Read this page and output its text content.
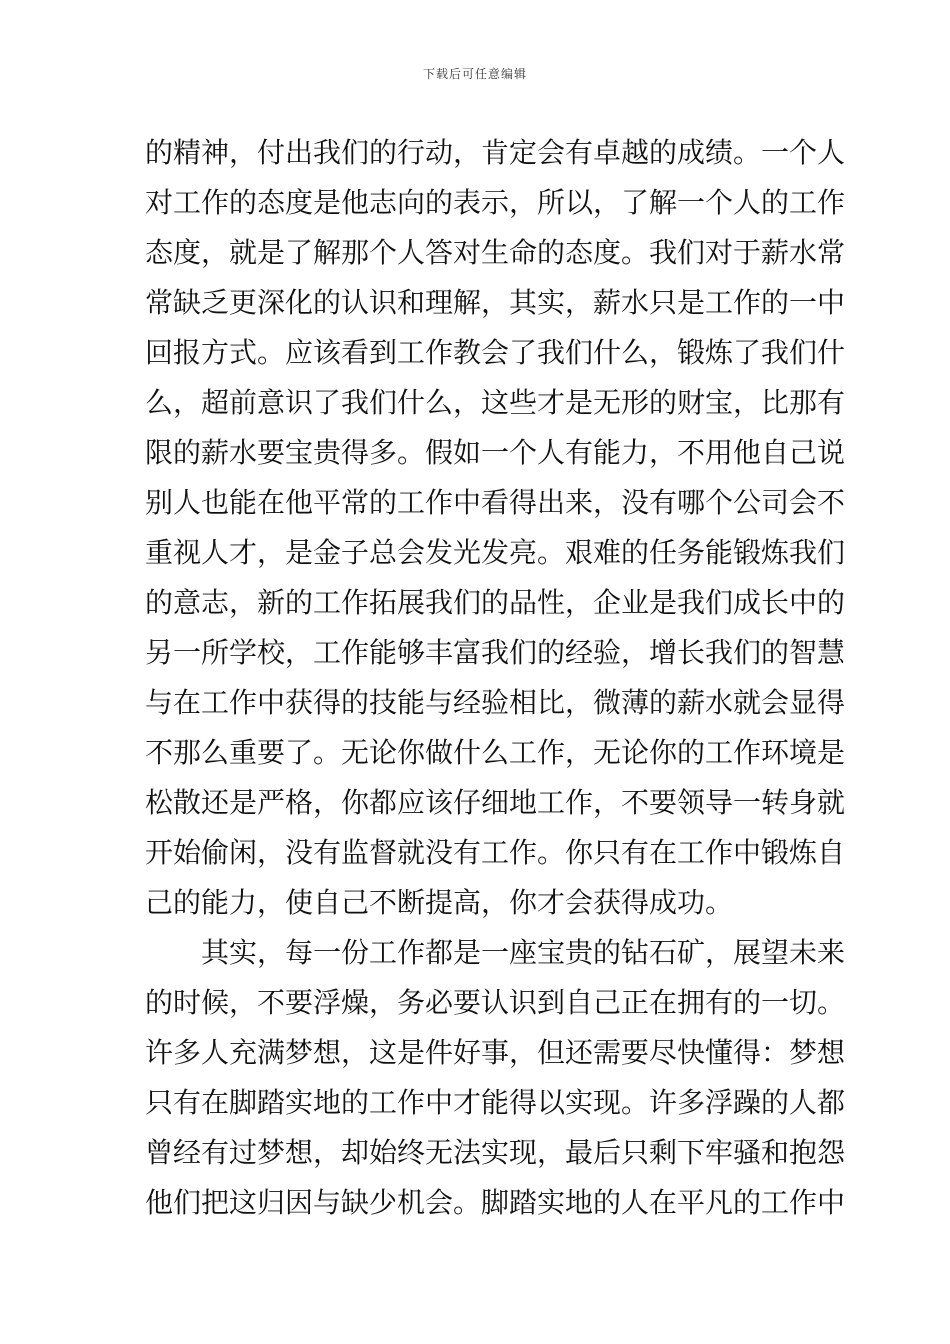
下载后可任意编辑
的精神，付出我们的行动，肯定会有卓越的成绩。一个人
对工作的态度是他志向的表示，所以，了解一个人的工作
态度，就是了解那个人答对生命的态度。我们对于薪水常
常缺乏更深化的认识和理解，其实，薪水只是工作的一中
回报方式。应该看到工作教会了我们什么，锻炼了我们什
么，超前意识了我们什么，这些才是无形的财宝，比那有
限的薪水要宝贵得多。假如一个人有能力，不用他自己说
别人也能在他平常的工作中看得出来，没有哪个公司会不
重视人才，是金子总会发光发亮。艰难的任务能锻炼我们
的意志，新的工作拓展我们的品性，企业是我们成长中的
另一所学校，工作能够丰富我们的经验，增长我们的智慧
与在工作中获得的技能与经验相比，微薄的薪水就会显得
不那么重要了。无论你做什么工作，无论你的工作环境是
松散还是严格，你都应该仔细地工作，不要领导一转身就
开始偷闲，没有监督就没有工作。你只有在工作中锻炼自
己的能力，使自己不断提高，你才会获得成功。
其实，每一份工作都是一座宝贵的钻石矿，展望未来
的时候，不要浮燥，务必要认识到自己正在拥有的一切。
许多人充满梦想，这是件好事，但还需要尽快懂得：梦想
只有在脚踏实地的工作中才能得以实现。许多浮躁的人都
曾经有过梦想，却始终无法实现，最后只剩下牢骚和抱怨
他们把这归因与缺少机会。脚踏实地的人在平凡的工作中
